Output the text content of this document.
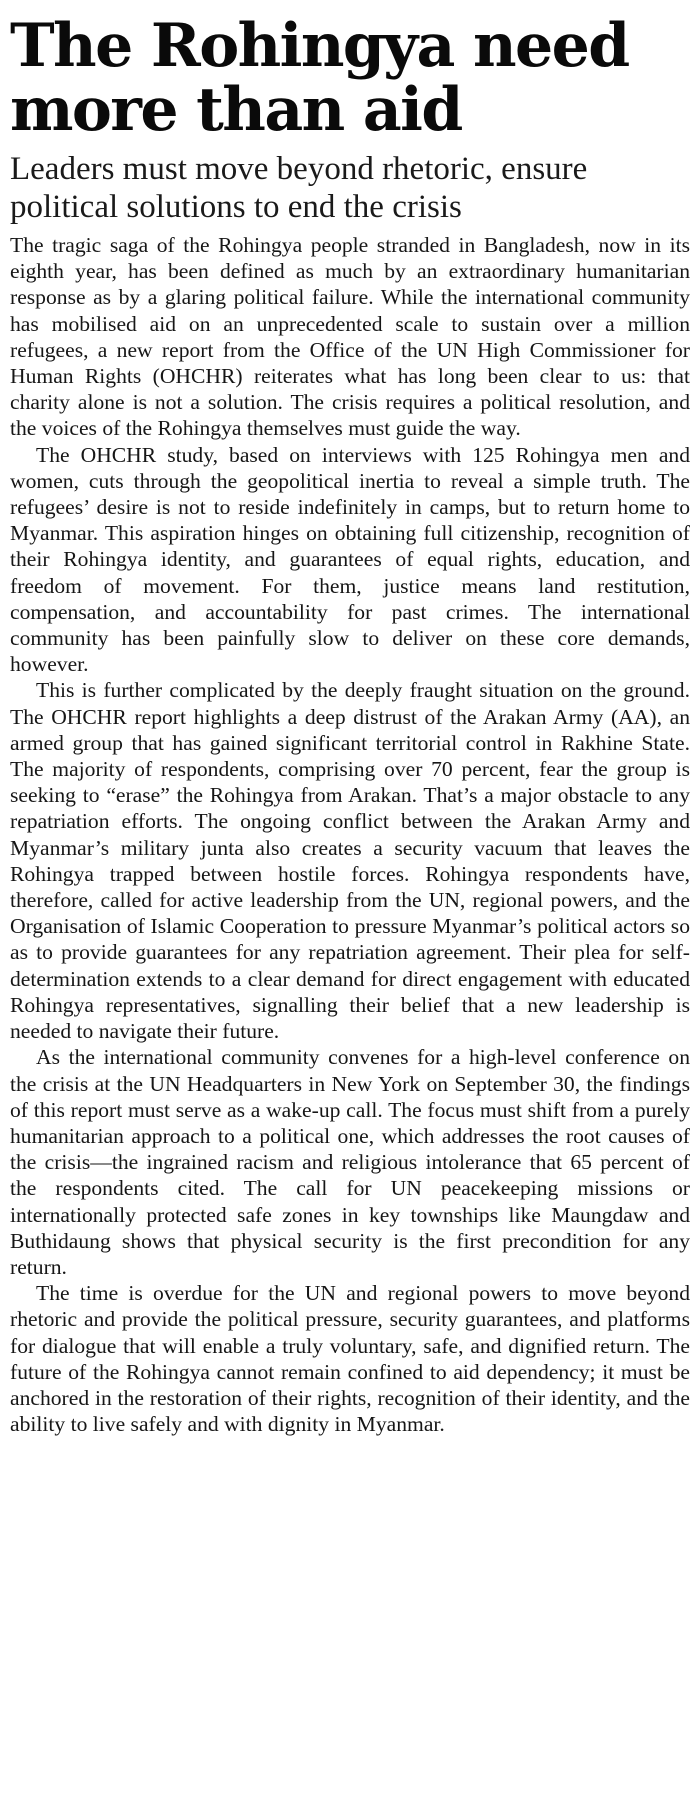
The Rohingya need more than aid
Leaders must move beyond rhetoric, ensure political solutions to end the crisis

The tragic saga of the Rohingya people stranded in Bangladesh, now in its eighth year, has been defined as much by an extraordinary humanitarian response as by a glaring political failure. While the international community has mobilised aid on an unprecedented scale to sustain over a million refugees, a new report from the Office of the UN High Commissioner for Human Rights (OHCHR) reiterates what has long been clear to us: that charity alone is not a solution. The crisis requires a political resolution, and the voices of the Rohingya themselves must guide the way.

The OHCHR study, based on interviews with 125 Rohingya men and women, cuts through the geopolitical inertia to reveal a simple truth. The refugees’ desire is not to reside indefinitely in camps, but to return home to Myanmar. This aspiration hinges on obtaining full citizenship, recognition of their Rohingya identity, and guarantees of equal rights, education, and freedom of movement. For them, justice means land restitution, compensation, and accountability for past crimes. The international community has been painfully slow to deliver on these core demands, however.

This is further complicated by the deeply fraught situation on the ground. The OHCHR report highlights a deep distrust of the Arakan Army (AA), an armed group that has gained significant territorial control in Rakhine State. The majority of respondents, comprising over 70 percent, fear the group is seeking to “erase” the Rohingya from Arakan. That’s a major obstacle to any repatriation efforts. The ongoing conflict between the Arakan Army and Myanmar’s military junta also creates a security vacuum that leaves the Rohingya trapped between hostile forces. Rohingya respondents have, therefore, called for active leadership from the UN, regional powers, and the Organisation of Islamic Cooperation to pressure Myanmar’s political actors so as to provide guarantees for any repatriation agreement. Their plea for self-determination extends to a clear demand for direct engagement with educated Rohingya representatives, signalling their belief that a new leadership is needed to navigate their future.

As the international community convenes for a high-level conference on the crisis at the UN Headquarters in New York on September 30, the findings of this report must serve as a wake-up call. The focus must shift from a purely humanitarian approach to a political one, which addresses the root causes of the crisis—the ingrained racism and religious intolerance that 65 percent of the respondents cited. The call for UN peacekeeping missions or internationally protected safe zones in key townships like Maungdaw and Buthidaung shows that physical security is the first precondition for any return.

The time is overdue for the UN and regional powers to move beyond rhetoric and provide the political pressure, security guarantees, and platforms for dialogue that will enable a truly voluntary, safe, and dignified return. The future of the Rohingya cannot remain confined to aid dependency; it must be anchored in the restoration of their rights, recognition of their identity, and the ability to live safely and with dignity in Myanmar.
